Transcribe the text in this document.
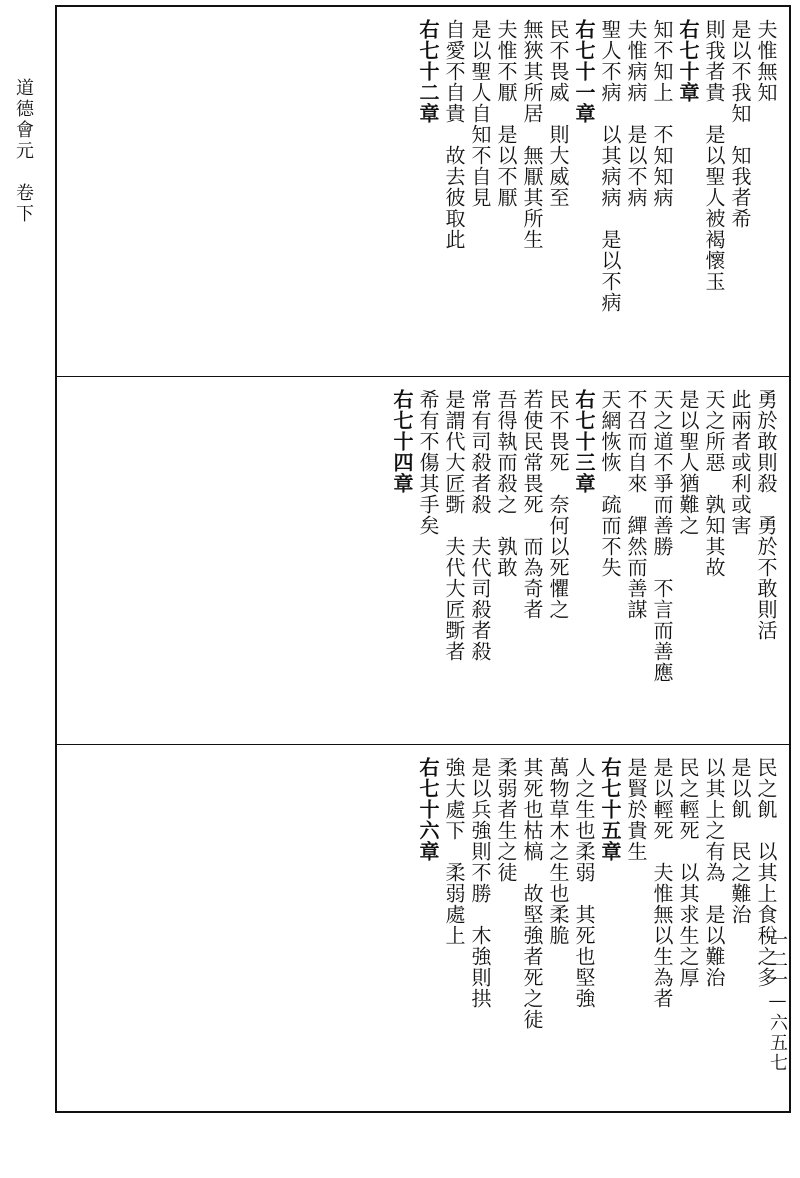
道德會元　卷下
一二一—六五七
夫惟無知
是以不我知　知我者希
則我者貴　是以聖人被褐懷玉
右七十章
知不知上　不知知病
夫惟病病　是以不病
聖人不病　以其病病　是以不病
右七十一章
民不畏威　則大威至
無狹其所居　無厭其所生
夫惟不厭　是以不厭
是以聖人自知不自見
自愛不自貴　故去彼取此
右七十二章
勇於敢則殺　勇於不敢則活
此兩者或利或害
天之所惡　孰知其故
是以聖人猶難之
天之道不爭而善勝　不言而善應
不召而自來　繟然而善謀
天網恢恢　疏而不失
右七十三章
民不畏死　奈何以死懼之
若使民常畏死　而為奇者
吾得執而殺之　孰敢
常有司殺者殺　夫代司殺者殺
是謂代大匠斲　夫代大匠斲者
希有不傷其手矣
右七十四章
民之飢　以其上食稅之多
是以飢　民之難治
以其上之有為　是以難治
民之輕死　以其求生之厚
是以輕死　夫惟無以生為者
是賢於貴生
右七十五章
人之生也柔弱　其死也堅強
萬物草木之生也柔脆
其死也枯槁　故堅強者死之徒
柔弱者生之徒
是以兵強則不勝　木強則拱
強大處下　柔弱處上
右七十六章
